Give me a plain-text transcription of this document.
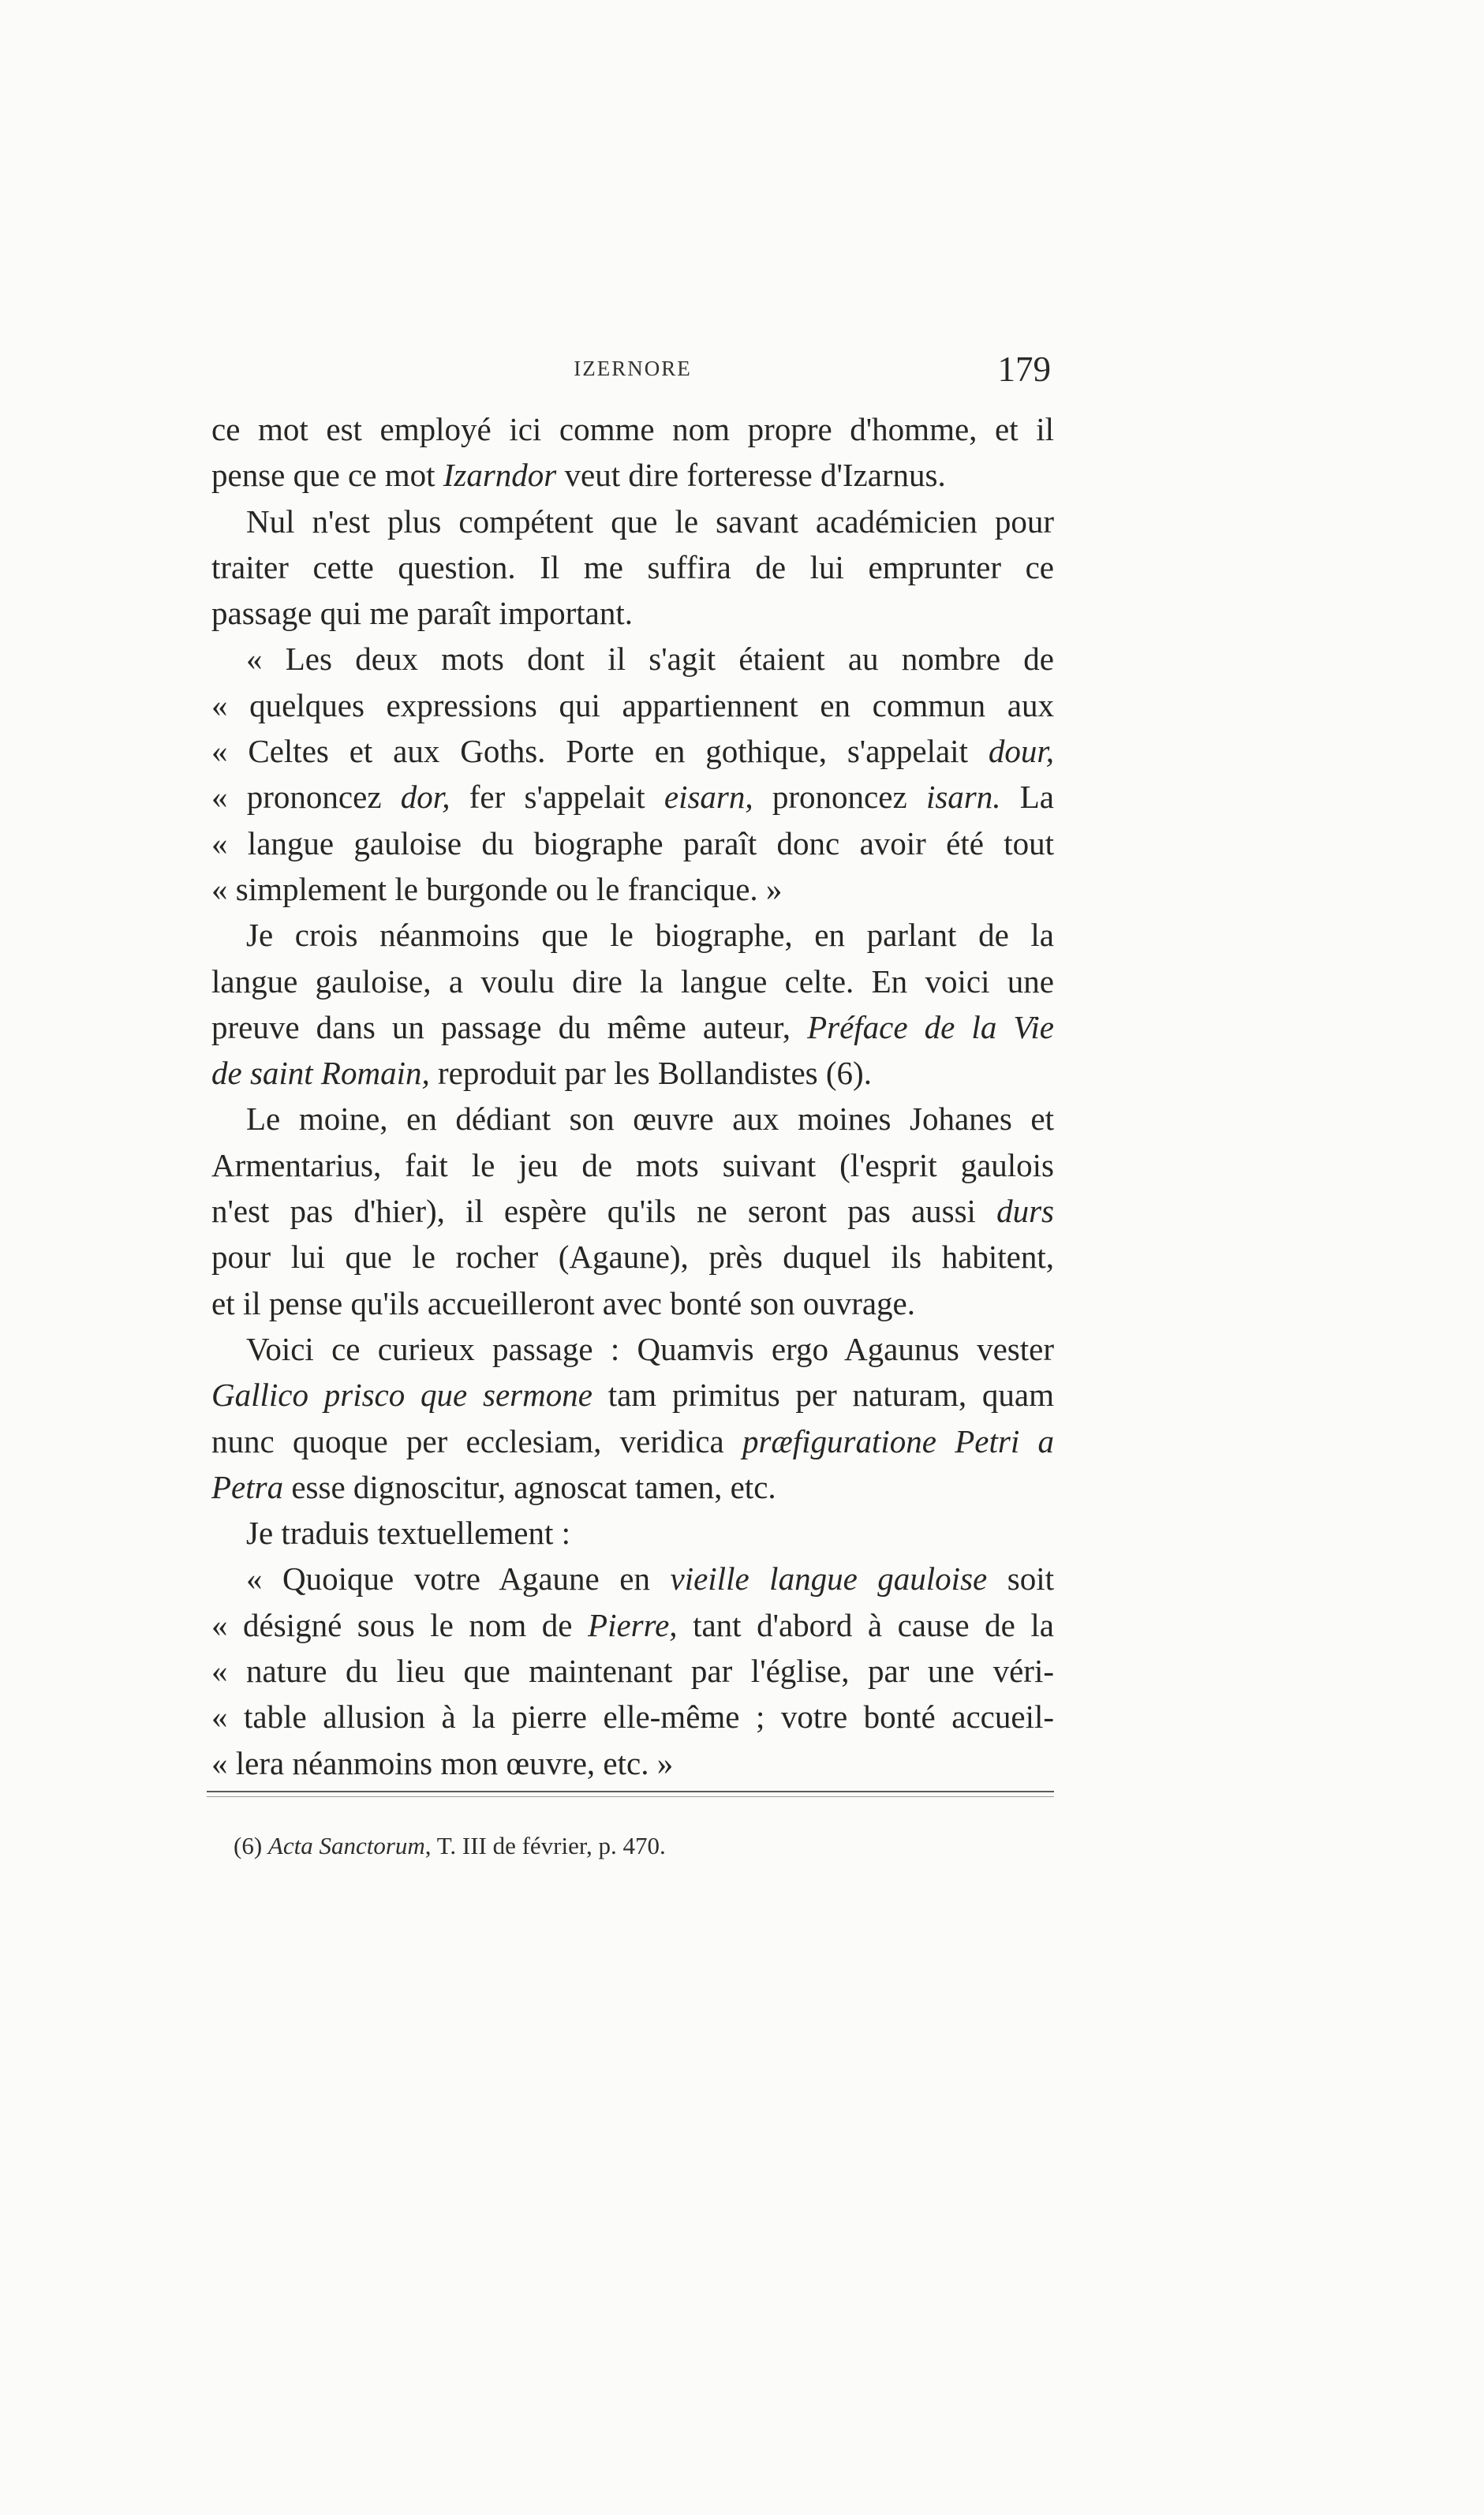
IZERNORE	179
ce mot est employé ici comme nom propre d'homme, et il
pense que ce mot Izarndor veut dire forteresse d'Izarnus.
Nul n'est plus compétent que le savant académicien pour
traiter cette question. Il me suffira de lui emprunter ce
passage qui me paraît important.
« Les deux mots dont il s'agit étaient au nombre de
« quelques expressions qui appartiennent en commun aux
« Celtes et aux Goths. Porte en gothique, s'appelait dour,
« prononcez dor, fer s'appelait eisarn, prononcez isarn. La
« langue gauloise du biographe paraît donc avoir été tout
« simplement le burgonde ou le francique. »
Je crois néanmoins que le biographe, en parlant de la
langue gauloise, a voulu dire la langue celte. En voici une
preuve dans un passage du même auteur, Préface de la Vie
de saint Romain, reproduit par les Bollandistes (6).
Le moine, en dédiant son œuvre aux moines Johanes et
Armentarius, fait le jeu de mots suivant (l'esprit gaulois
n'est pas d'hier), il espère qu'ils ne seront pas aussi durs
pour lui que le rocher (Agaune), près duquel ils habitent,
et il pense qu'ils accueilleront avec bonté son ouvrage.
Voici ce curieux passage : Quamvis ergo Agaunus vester
Gallico prisco que sermone tam primitus per naturam, quam
nunc quoque per ecclesiam, veridica præfiguratione Petri a
Petra esse dignoscitur, agnoscat tamen, etc.
Je traduis textuellement :
« Quoique votre Agaune en vieille langue gauloise soit
« désigné sous le nom de Pierre, tant d'abord à cause de la
« nature du lieu que maintenant par l'église, par une véri-
« table allusion à la pierre elle-même ; votre bonté accueil-
« lera néanmoins mon œuvre, etc. »
(6) Acta Sanctorum, T. III de février, p. 470.
